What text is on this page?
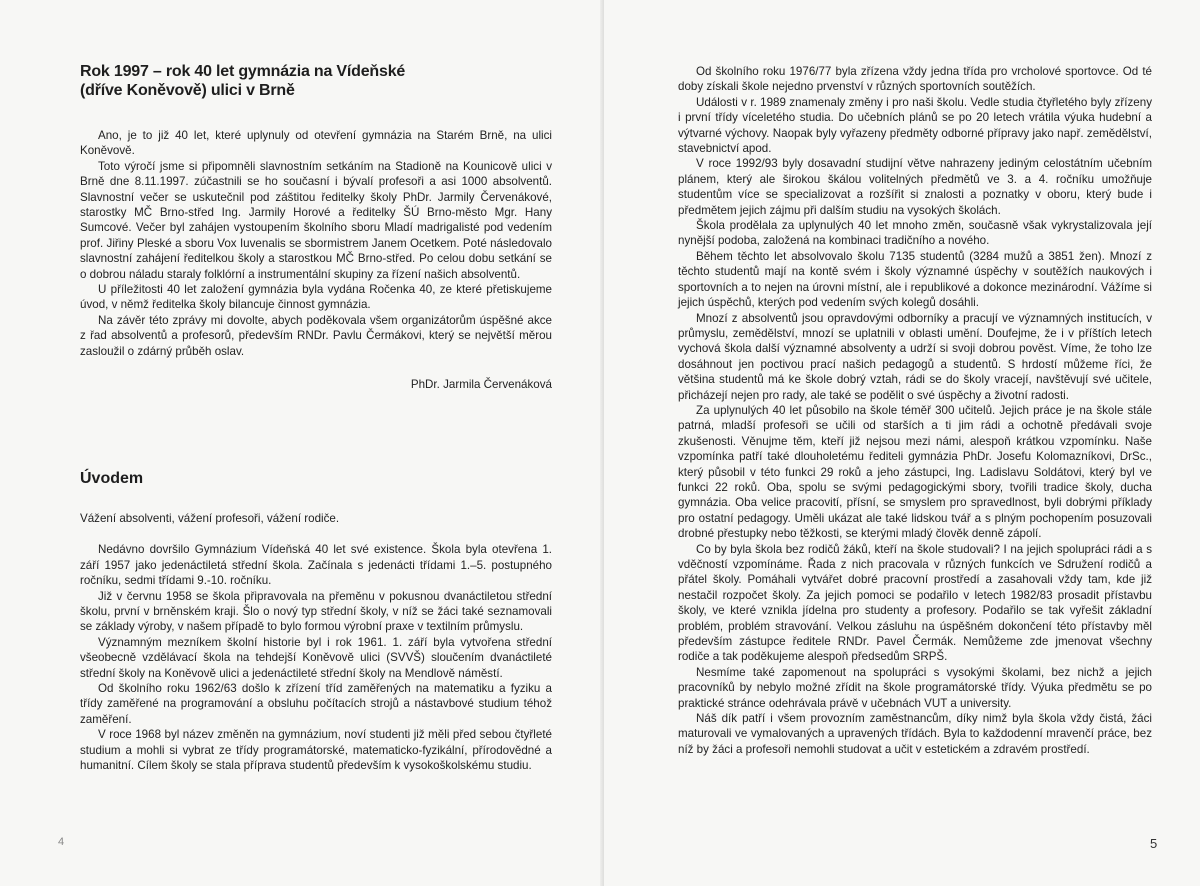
Rok 1997 – rok 40 let gymnázia na Vídeňské
(dříve Koněvově) ulici v Brně

Ano, je to již 40 let, které uplynuly od otevření gymnázia na Starém Brně, na ulici Koněvově.

Toto výročí jsme si připomněli slavnostním setkáním na Stadioně na Kounicově ulici v Brně dne 8.11.1997. zúčastnili se ho současní i bývalí profesoři a asi 1000 absolventů. Slavnostní večer se uskutečnil pod záštitou ředitelky školy PhDr. Jarmily Červenákové, starostky MČ Brno-střed Ing. Jarmily Horové a ředitelky ŠÚ Brno-město Mgr. Hany Sumcové. Večer byl zahájen vystoupením školního sboru Mladí madrigalisté pod vedením prof. Jiřiny Pleské a sboru Vox Iuvenalis se sbormistrem Janem Ocetkem. Poté následovalo slavnostní zahájení ředitelkou školy a starostkou MČ Brno-střed. Po celou dobu setkání se o dobrou náladu staraly folklórní a instrumentální skupiny za řízení našich absolventů.

U příležitosti 40 let založení gymnázia byla vydána Ročenka 40, ze které přetiskujeme úvod, v němž ředitelka školy bilancuje činnost gymnázia.

Na závěr této zprávy mi dovolte, abych poděkovala všem organizátorům úspěšné akce z řad absolventů a profesorů, především RNDr. Pavlu Čermákovi, který se největší měrou zasloužil o zdárný průběh oslav.

PhDr. Jarmila Červenáková

Úvodem

Vážení absolventi, vážení profesoři, vážení rodiče.

Nedávno dovršilo Gymnázium Vídeňská 40 let své existence. Škola byla otevřena 1. září 1957 jako jedenáctiletá střední škola. Začínala s jedenácti třídami 1.–5. postupného ročníku, sedmi třídami 9.-10. ročníku.

Již v červnu 1958 se škola připravovala na přeměnu v pokusnou dvanáctiletou střední školu, první v brněnském kraji. Šlo o nový typ střední školy, v níž se žáci také seznamovali se základy výroby, v našem případě to bylo formou výrobní praxe v textilním průmyslu.

Významným mezníkem školní historie byl i rok 1961. 1. září byla vytvořena střední všeobecně vzdělávací škola na tehdejší Koněvově ulici (SVVŠ) sloučením dvanáctileté střední školy na Koněvově ulici a jedenáctileté střední školy na Mendlově náměstí.

Od školního roku 1962/63 došlo k zřízení tříd zaměřených na matematiku a fyziku a třídy zaměřené na programování a obsluhu počítacích strojů a nástavbové studium téhož zaměření.

V roce 1968 byl název změněn na gymnázium, noví studenti již měli před sebou čtyřleté studium a mohli si vybrat ze třídy programátorské, matematicko-fyzikální, přírodovědné a humanitní. Cílem školy se stala příprava studentů především k vysokoškolskému studiu.

4

Od školního roku 1976/77 byla zřízena vždy jedna třída pro vrcholové sportovce. Od té doby získali škole nejedno prvenství v různých sportovních soutěžích.

Události v r. 1989 znamenaly změny i pro naši školu. Vedle studia čtyřletého byly zřízeny i první třídy víceletého studia. Do učebních plánů se po 20 letech vrátila výuka hudební a výtvarné výchovy. Naopak byly vyřazeny předměty odborné přípravy jako např. zemědělství, stavebnictví apod.

V roce 1992/93 byly dosavadní studijní větve nahrazeny jediným celostátním učebním plánem, který ale širokou škálou volitelných předmětů ve 3. a 4. ročníku umožňuje studentům více se specializovat a rozšířit si znalosti a poznatky v oboru, který bude i předmětem jejich zájmu při dalším studiu na vysokých školách.

Škola prodělala za uplynulých 40 let mnoho změn, současně však vykrystalizovala její nynější podoba, založená na kombinaci tradičního a nového.

Během těchto let absolvovalo školu 7135 studentů (3284 mužů a 3851 žen). Mnozí z těchto studentů mají na kontě svém i školy významné úspěchy v soutěžích naukových i sportovních a to nejen na úrovni místní, ale i republikové a dokonce mezinárodní. Vážíme si jejich úspěchů, kterých pod vedením svých kolegů dosáhli.

Mnozí z absolventů jsou opravdovými odborníky a pracují ve významných institucích, v průmyslu, zemědělství, mnozí se uplatnili v oblasti umění. Doufejme, že i v příštích letech vychová škola další významné absolventy a udrží si svoji dobrou pověst. Víme, že toho lze dosáhnout jen poctivou prací našich pedagogů a studentů. S hrdostí můžeme říci, že většina studentů má ke škole dobrý vztah, rádi se do školy vracejí, navštěvují své učitele, přicházejí nejen pro rady, ale také se podělit o své úspěchy a životní radosti.

Za uplynulých 40 let působilo na škole téměř 300 učitelů. Jejich práce je na škole stále patrná, mladší profesoři se učili od starších a ti jim rádi a ochotně předávali svoje zkušenosti. Věnujme těm, kteří již nejsou mezi námi, alespoň krátkou vzpomínku. Naše vzpomínka patří také dlouholetému řediteli gymnázia PhDr. Josefu Kolomazníkovi, DrSc., který působil v této funkci 29 roků a jeho zástupci, Ing. Ladislavu Soldátovi, který byl ve funkci 22 roků. Oba, spolu se svými pedagogickými sbory, tvořili tradice školy, ducha gymnázia. Oba velice pracovití, přísní, se smyslem pro spravedlnost, byli dobrými příklady pro ostatní pedagogy. Uměli ukázat ale také lidskou tvář a s plným pochopením posuzovali drobné přestupky nebo těžkosti, se kterými mladý člověk denně zápolí.

Co by byla škola bez rodičů žáků, kteří na škole studovali? I na jejich spolupráci rádi a s vděčností vzpomínáme. Řada z nich pracovala v různých funkcích ve Sdružení rodičů a přátel školy. Pomáhali vytvářet dobré pracovní prostředí a zasahovali vždy tam, kde již nestačil rozpočet školy. Za jejich pomoci se podařilo v letech 1982/83 prosadit přístavbu školy, ve které vznikla jídelna pro studenty a profesory. Podařilo se tak vyřešit základní problém, problém stravování. Velkou zásluhu na úspěšném dokončení této přístavby měl především zástupce ředitele RNDr. Pavel Čermák. Nemůžeme zde jmenovat všechny rodiče a tak poděkujeme alespoň předsedům SRPŠ.

Nesmíme také zapomenout na spolupráci s vysokými školami, bez nichž a jejich pracovníků by nebylo možné zřídit na škole programátorské třídy. Výuka předmětu se po praktické stránce odehrávala právě v učebnách VUT a university.

Náš dík patří i všem provozním zaměstnancům, díky nimž byla škola vždy čistá, žáci maturovali ve vymalovaných a upravených třídách. Byla to každodenní mravenčí práce, bez níž by žáci a profesoři nemohli studovat a učit v estetickém a zdravém prostředí.

5
